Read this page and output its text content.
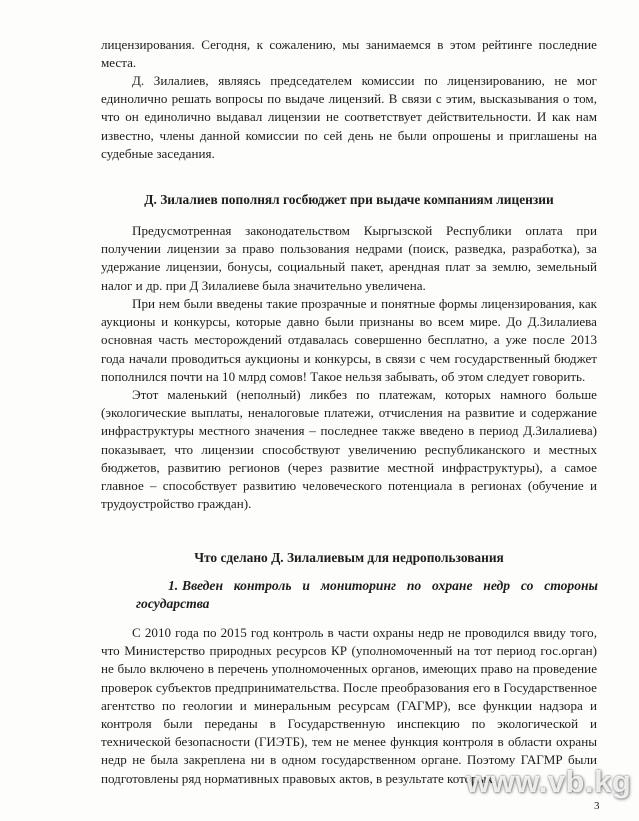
лицензирования. Сегодня, к сожалению, мы занимаемся в этом рейтинге последние места.

Д. Зилалиев, являясь председателем комиссии по лицензированию, не мог единолично решать вопросы по выдаче лицензий. В связи с этим, высказывания о том, что он единолично выдавал лицензии не соответствует действительности. И как нам известно, члены данной комиссии по сей день не были опрошены и приглашены на судебные заседания.

Д. Зилалиев пополнял госбюджет при выдаче компаниям лицензии

Предусмотренная законодательством Кыргызской Республики оплата при получении лицензии за право пользования недрами (поиск, разведка, разработка), за удержание лицензии, бонусы, социальный пакет, арендная плат за землю, земельный налог и др. при Д Зилалиеве была значительно увеличена.

При нем были введены такие прозрачные и понятные формы лицензирования, как аукционы и конкурсы, которые давно были признаны во всем мире. До Д.Зилалиева основная часть месторождений отдавалась совершенно бесплатно, а уже после 2013 года начали проводиться аукционы и конкурсы, в связи с чем государственный бюджет пополнился почти на 10 млрд сомов! Такое нельзя забывать, об этом следует говорить.

Этот маленький (неполный) ликбез по платежам, которых намного больше (экологические выплаты, неналоговые платежи, отчисления на развитие и содержание инфраструктуры местного значения – последнее также введено в период Д.Зилалиева) показывает, что лицензии способствуют увеличению республиканского и местных бюджетов, развитию регионов (через развитие местной инфраструктуры), а самое главное – способствует развитию человеческого потенциала в регионах (обучение и трудоустройство граждан).

Что сделано Д. Зилалиевым для недропользования

1. Введен контроль и мониторинг по охране недр со стороны государства

С 2010 года по 2015 год контроль в части охраны недр не проводился ввиду того, что Министерство природных ресурсов КР (уполномоченный на тот период гос.орган) не было включено в перечень уполномоченных органов, имеющих право на проведение проверок субъектов предпринимательства. После преобразования его в Государственное агентство по геологии и минеральным ресурсам (ГАГМР), все функции надзора и контроля были переданы в Государственную инспекцию по экологической и технической безопасности (ГИЭТБ), тем не менее функция контроля в области охраны недр не была закреплена ни в одном государственном органе. Поэтому ГАГМР были подготовлены ряд нормативных правовых актов, в результате которых

3

www.vb.kg
